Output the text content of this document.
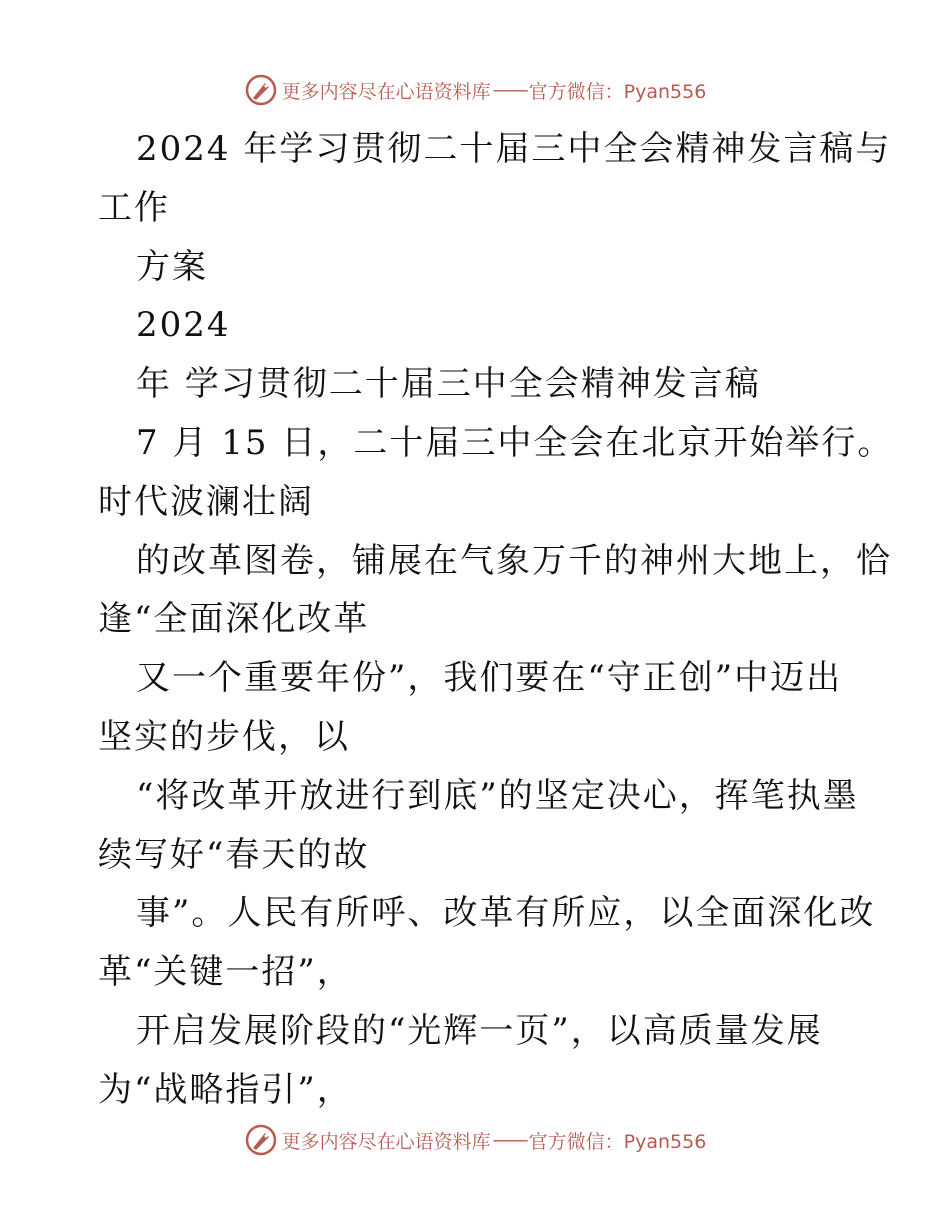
更多内容尽在心语资料库 —— 官方微信：Pyan556
2024 年学习贯彻二十届三中全会精神发言稿与
工作
方案
2024
年 学习贯彻二十届三中全会精神发言稿
7 月 15 日，二十届三中全会在北京开始举行。
时代波澜壮阔
的改革图卷，铺展在气象万千的神州大地上，恰
逢“全面深化改革
又一个重要年份”，我们要在“守正创”中迈出
坚实的步伐，以
“将改革开放进行到底”的坚定决心，挥笔执墨
续写好“春天的故
事”。人民有所呼、改革有所应，以全面深化改
革“关键一招”，
开启发展阶段的“光辉一页”，以高质量发展
为“战略指引”，
更多内容尽在心语资料库 —— 官方微信：Pyan556
